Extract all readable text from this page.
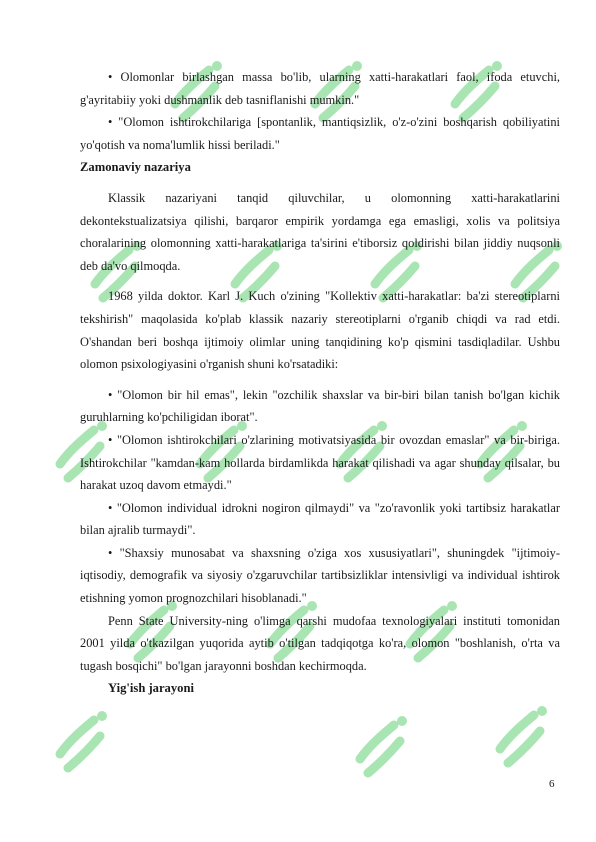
• Olomonlar birlashgan massa bo'lib, ularning xatti-harakatlari faol, ifoda etuvchi, g'ayritabiiy yoki dushmanlik deb tasniflanishi mumkin."

• "Olomon ishtirokchilariga [spontanlik, mantiqsizlik, o'z-o'zini boshqarish qobiliyatini yo'qotish va noma'lumlik hissi beriladi."

Zamonaviy nazariya

Klassik nazariyani tanqid qiluvchilar, u olomonning xatti-harakatlarini dekontekstualizatsiya qilishi, barqaror empirik yordamga ega emasligi, xolis va politsiya choralarining olomonning xatti-harakatlariga ta'sirini e'tiborsiz qoldirishi bilan jiddiy nuqsonli deb da'vo qilmoqda.

1968 yilda doktor. Karl J. Kuch o'zining "Kollektiv xatti-harakatlar: ba'zi stereotiplarni tekshirish" maqolasida ko'plab klassik nazariy stereotiplarni o'rganib chiqdi va rad etdi. O'shandan beri boshqa ijtimoiy olimlar uning tanqidining ko'p qismini tasdiqladilar. Ushbu olomon psixologiyasini o'rganish shuni ko'rsatadiki:

• "Olomon bir hil emas", lekin "ozchilik shaxslar va bir-biri bilan tanish bo'lgan kichik guruhlarning ko'pchiligidan iborat".

• "Olomon ishtirokchilari o'zlarining motivatsiyasida bir ovozdan emaslar" va bir-biriga. Ishtirokchilar "kamdan-kam hollarda birdamlikda harakat qilishadi va agar shunday qilsalar, bu harakat uzoq davom etmaydi."

• "Olomon individual idrokni nogiron qilmaydi" va "zo'ravonlik yoki tartibsiz harakatlar bilan ajralib turmaydi".

• "Shaxsiy munosabat va shaxsning o'ziga xos xususiyatlari", shuningdek "ijtimoiy-iqtisodiy, demografik va siyosiy o'zgaruvchilar tartibsizliklar intensivligi va individual ishtirok etishning yomon prognozchilari hisoblanadi."

Penn State University-ning o'limga qarshi mudofaa texnologiyalari instituti tomonidan 2001 yilda o'tkazilgan yuqorida aytib o'tilgan tadqiqotga ko'ra, olomon "boshlanish, o'rta va tugash bosqichi" bo'lgan jarayonni boshdan kechirmoqda.

Yig'ish jarayoni
6
